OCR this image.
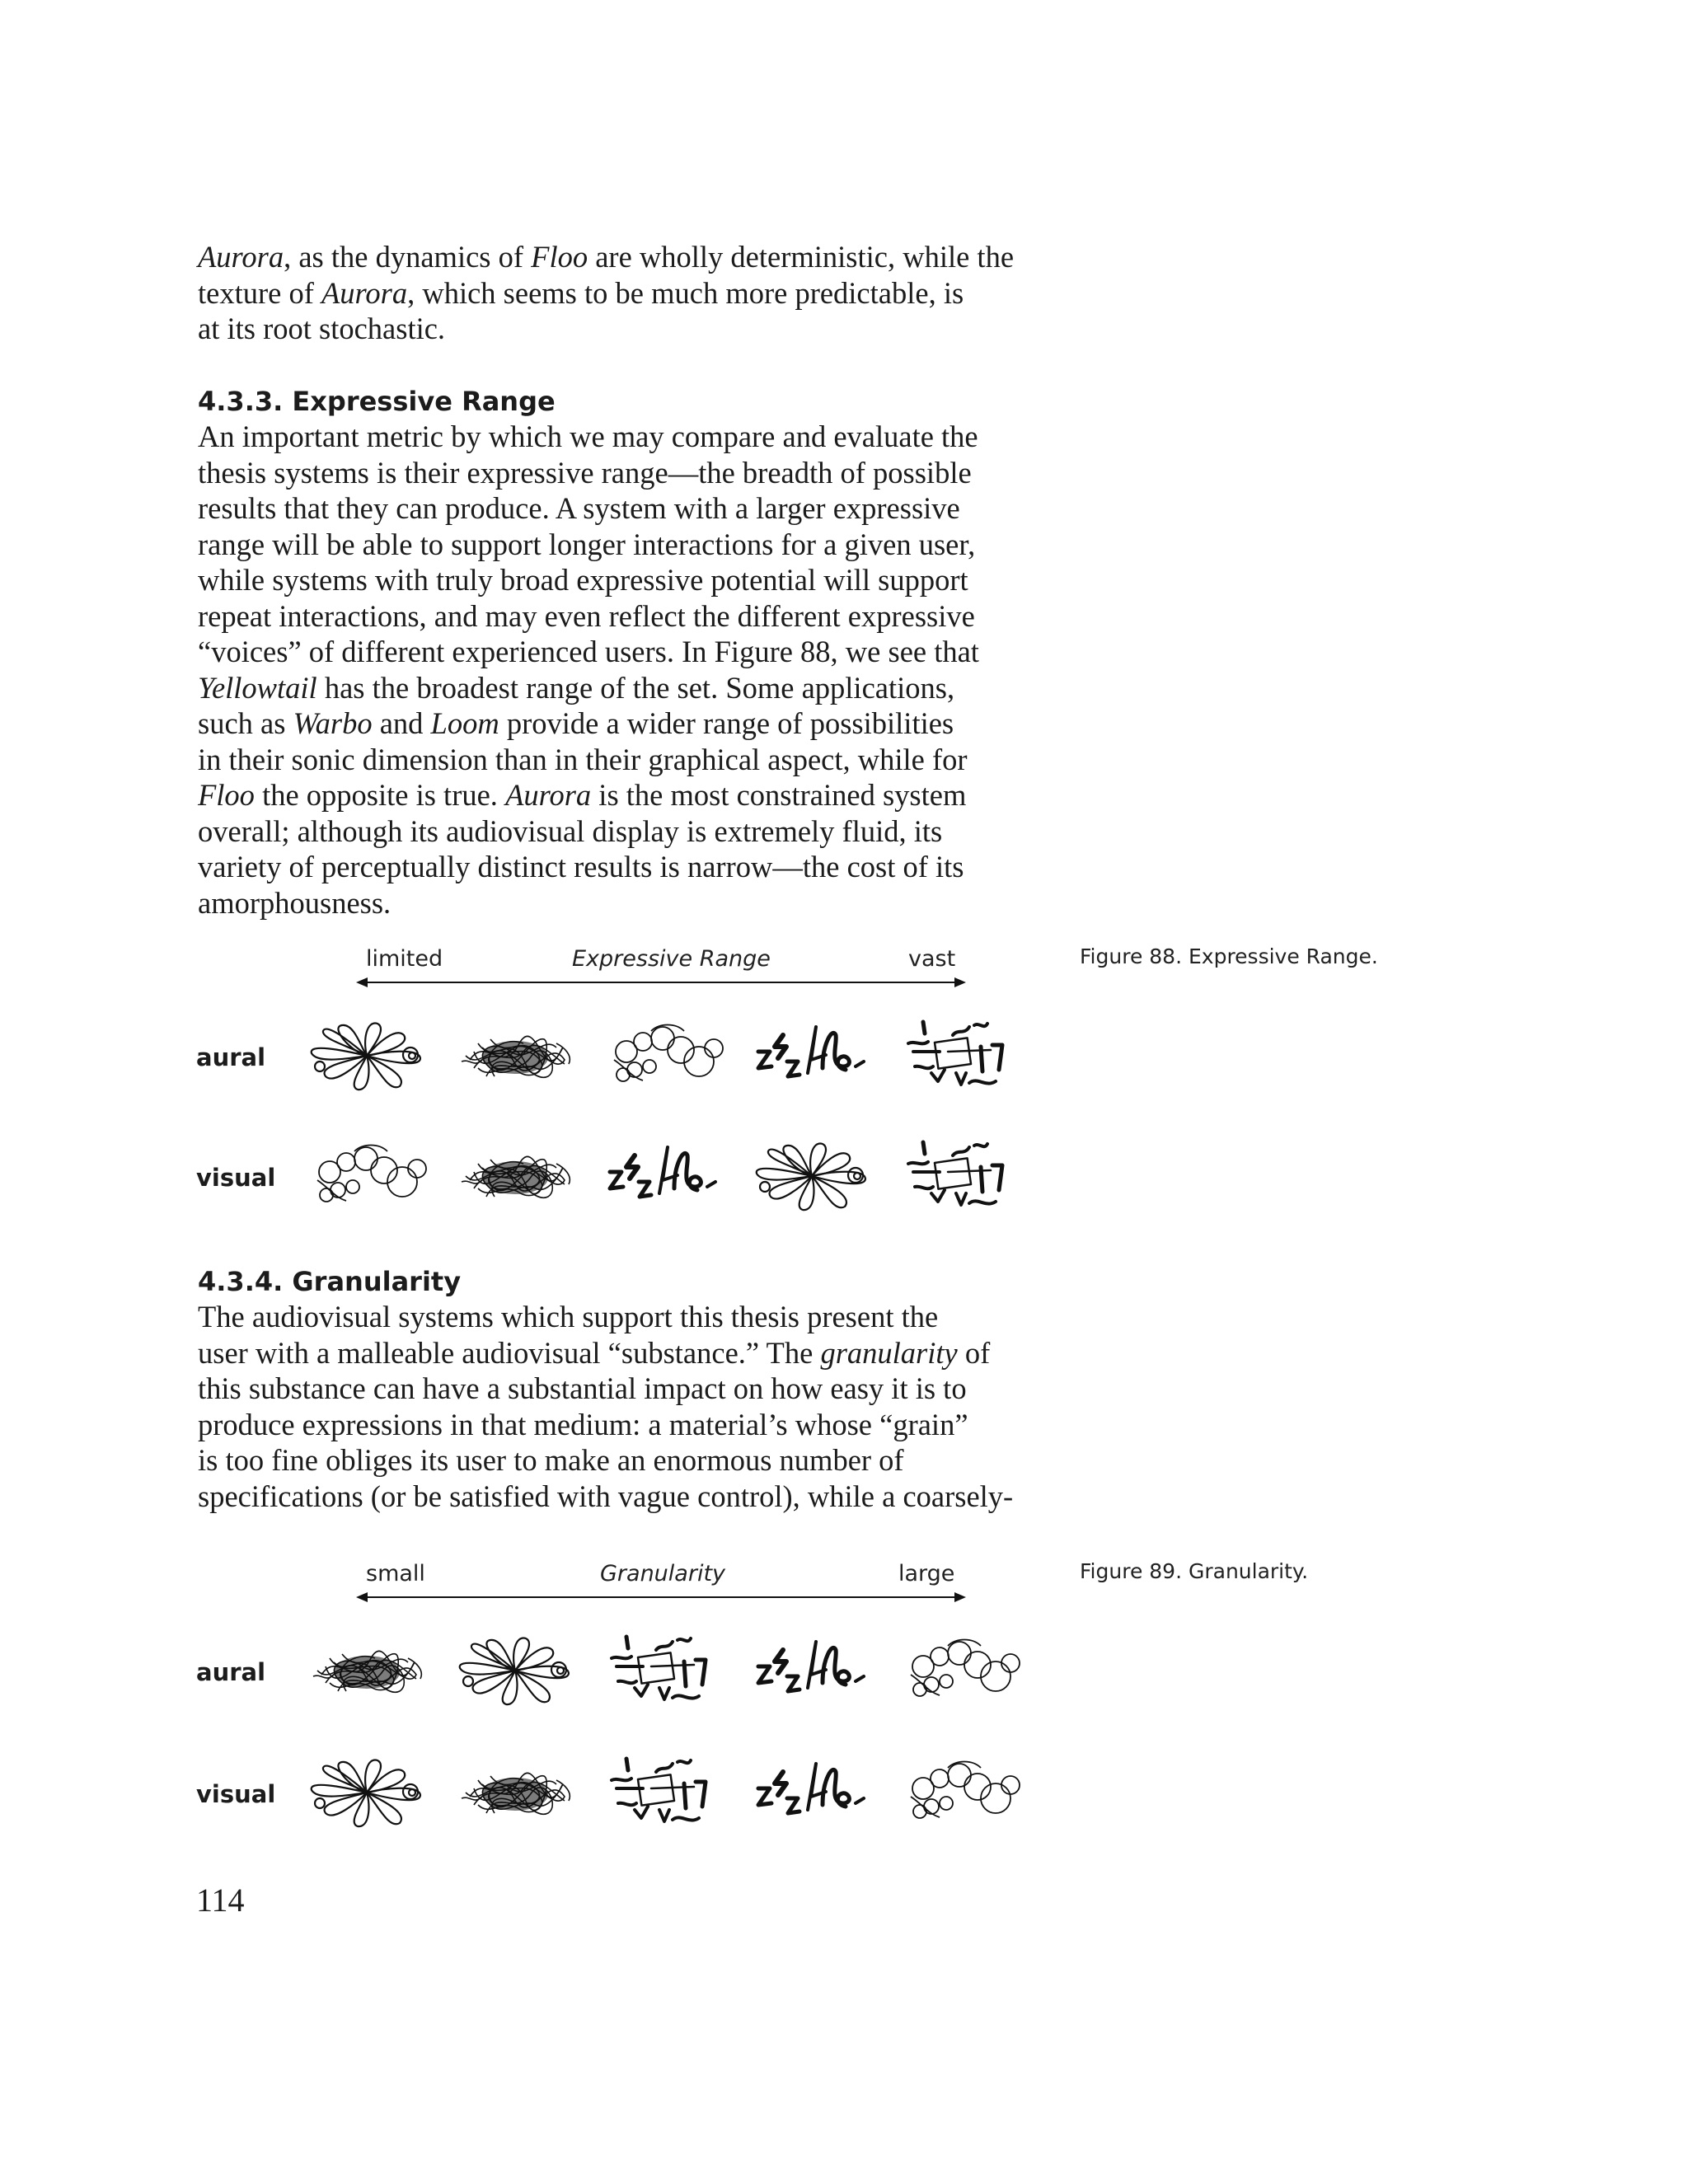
Aurora, as the dynamics of Floo are wholly deterministic, while the
texture of Aurora, which seems to be much more predictable, is
at its root stochastic.
4.3.3. Expressive Range
An important metric by which we may compare and evaluate the
thesis systems is their expressive range—the breadth of possible
results that they can produce. A system with a larger expressive
range will be able to support longer interactions for a given user,
while systems with truly broad expressive potential will support
repeat interactions, and may even reflect the different expressive
“voices” of different experienced users. In Figure 88, we see that
Yellowtail has the broadest range of the set. Some applications,
such as Warbo and Loom provide a wider range of possibilities
in their sonic dimension than in their graphical aspect, while for
Floo the opposite is true. Aurora is the most constrained system
overall; although its audiovisual display is extremely fluid, its
variety of perceptually distinct results is narrow—the cost of its
amorphousness.
Figure 88. Expressive Range.
limited	Expressive Range	vast
aural
visual
4.3.4. Granularity
The audiovisual systems which support this thesis present the
user with a malleable audiovisual “substance.” The granularity of
this substance can have a substantial impact on how easy it is to
produce expressions in that medium: a material’s whose “grain”
is too fine obliges its user to make an enormous number of
specifications (or be satisfied with vague control), while a coarsely-
Figure 89. Granularity.
small	Granularity	large
aural
visual
114
